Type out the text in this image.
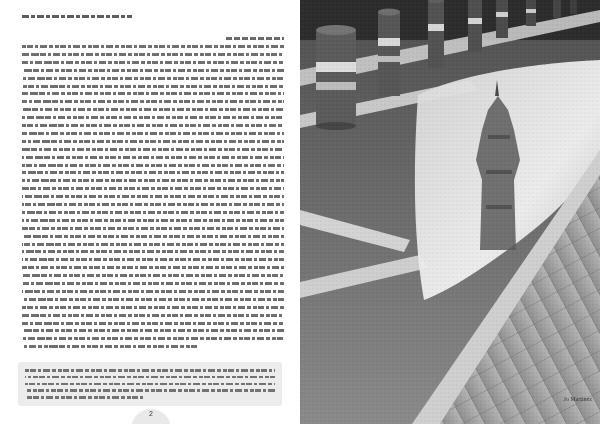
2
Jo Martinez
